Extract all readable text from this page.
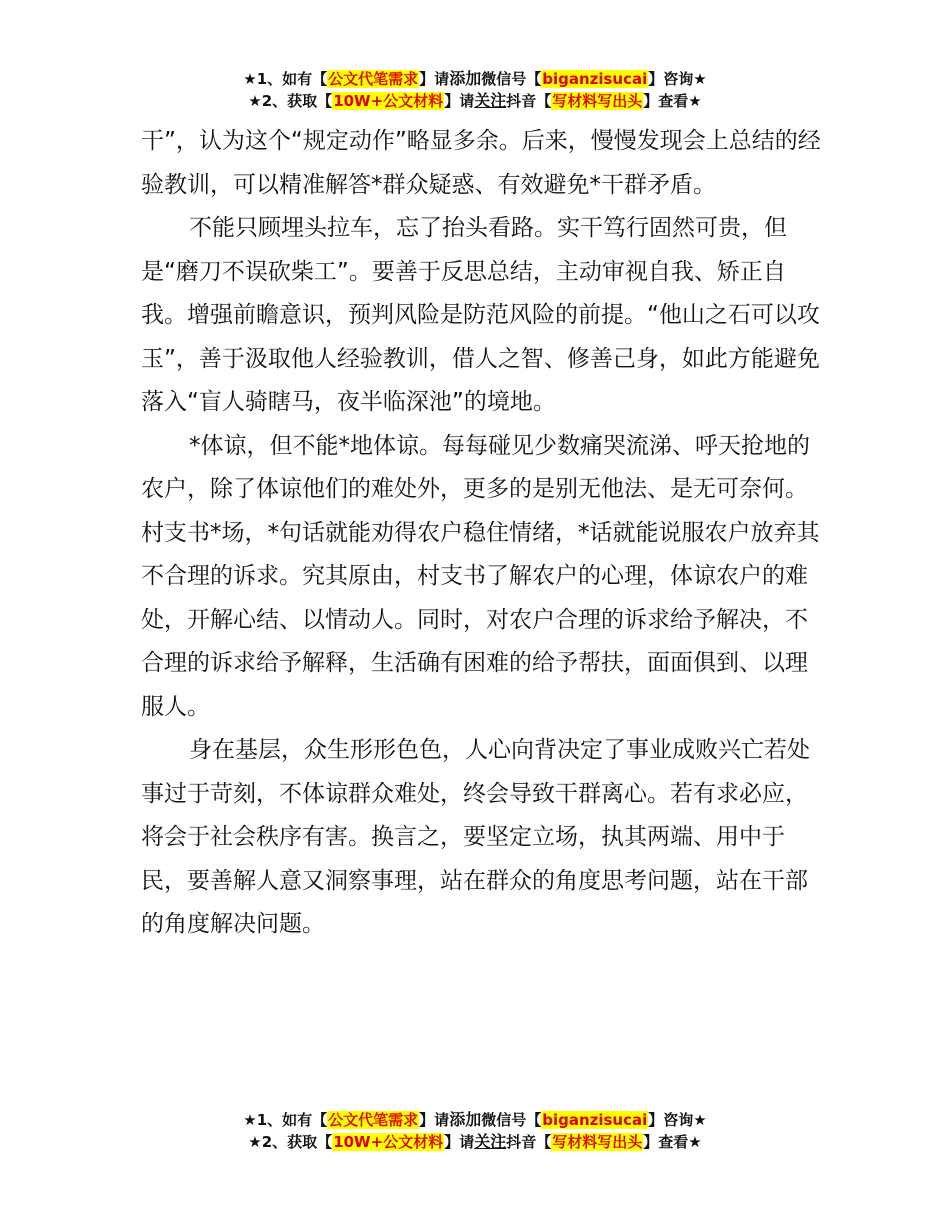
★1、如有【公文代笔需求】请添加微信号【biganzisucai】咨询★
★2、获取【10W+公文材料】请关注抖音【写材料写出头】查看★

干”，认为这个“规定动作”略显多余。后来，慢慢发现会上总结的经验教训，可以精准解答*群众疑惑、有效避免*干群矛盾。

不能只顾埋头拉车，忘了抬头看路。实干笃行固然可贵，但是“磨刀不误砍柴工”。要善于反思总结，主动审视自我、矫正自我。增强前瞻意识，预判风险是防范风险的前提。“他山之石可以攻玉”，善于汲取他人经验教训，借人之智、修善己身，如此方能避免落入“盲人骑瞎马，夜半临深池”的境地。

*体谅，但不能*地体谅。每每碰见少数痛哭流涕、呼天抢地的农户，除了体谅他们的难处外，更多的是别无他法、是无可奈何。村支书*场，*句话就能劝得农户稳住情绪，*话就能说服农户放弃其不合理的诉求。究其原由，村支书了解农户的心理，体谅农户的难处，开解心结、以情动人。同时，对农户合理的诉求给予解决，不合理的诉求给予解释，生活确有困难的给予帮扶，面面俱到、以理服人。

身在基层，众生形形色色，人心向背决定了事业成败兴亡若处事过于苛刻，不体谅群众难处，终会导致干群离心。若有求必应，将会于社会秩序有害。换言之，要坚定立场，执其两端、用中于民，要善解人意又洞察事理，站在群众的角度思考问题，站在干部的角度解决问题。

★1、如有【公文代笔需求】请添加微信号【biganzisucai】咨询★
★2、获取【10W+公文材料】请关注抖音【写材料写出头】查看★
